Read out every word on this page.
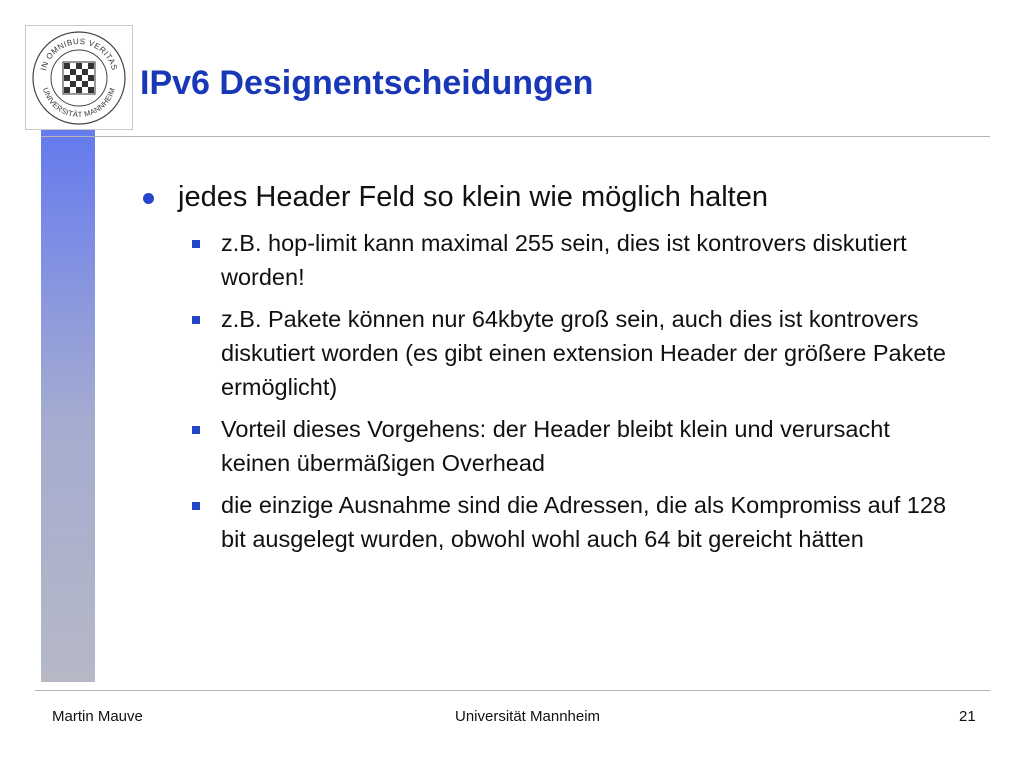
IN OMNIBUS VERITAS
UNIVERSITÄT MANNHEIM IPv6 Designentscheidungen
jedes Header Feld so klein wie möglich halten
z.B. hop-limit kann maximal 255 sein, dies ist kontrovers diskutiert worden!
z.B. Pakete können nur 64kbyte groß sein, auch dies ist kontrovers diskutiert worden (es gibt einen extension Header der größere Pakete ermöglicht)
Vorteil dieses Vorgehens: der Header bleibt klein und verursacht keinen übermäßigen Overhead
die einzige Ausnahme sind die Adressen, die als Kompromiss auf 128 bit ausgelegt wurden, obwohl wohl auch 64 bit gereicht hätten
Martin Mauve	Universität Mannheim	21
